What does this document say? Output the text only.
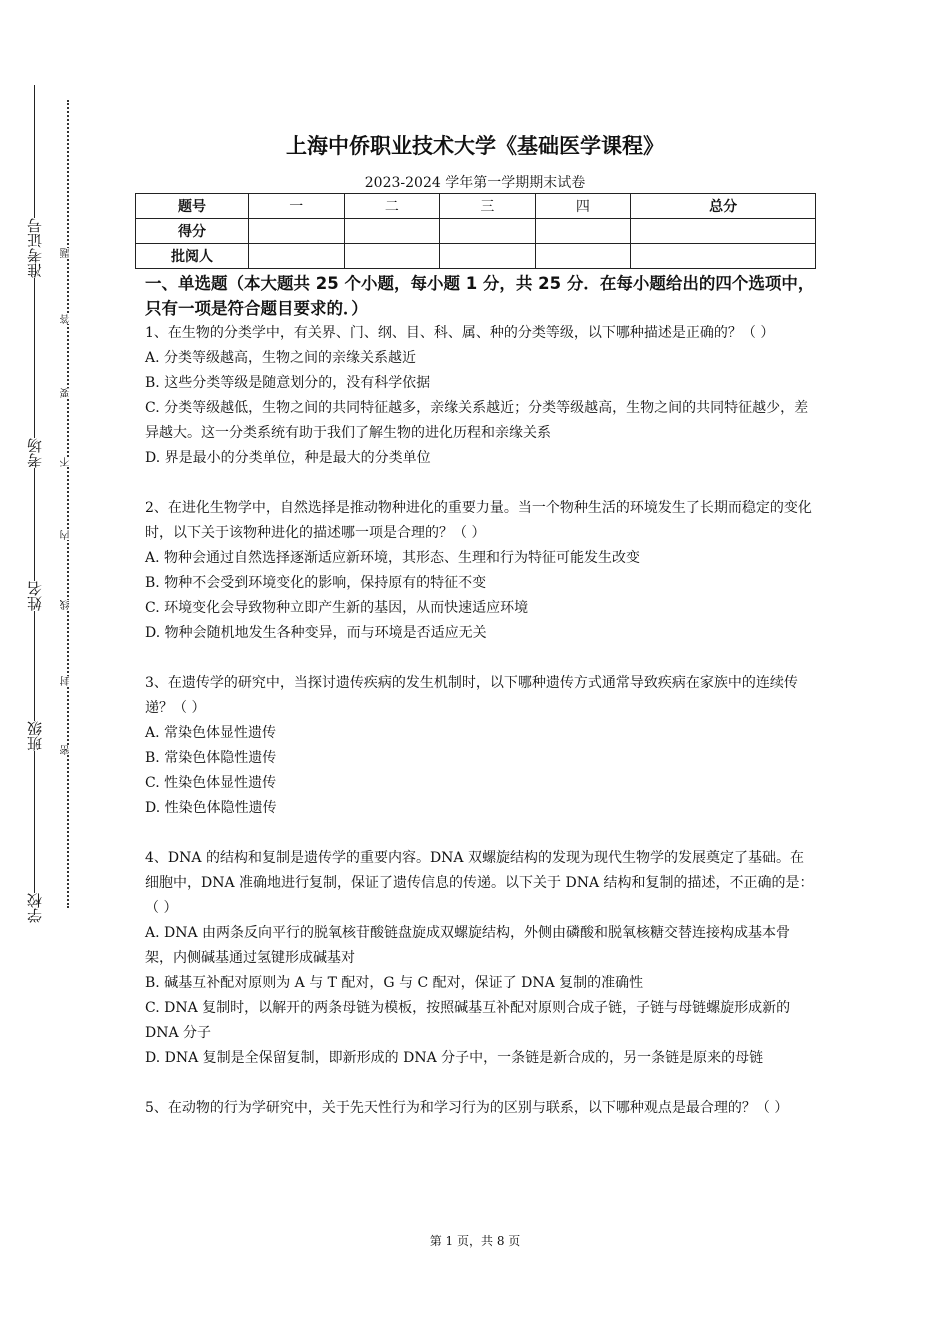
准考证号
考场
姓名
班级
学校
题
答
要
不
内
线
封
密
上海中侨职业技术大学《基础医学课程》
2023-2024 学年第一学期期末试卷
题号	一	二	三	四	总分
得分					
批阅人					
一、单选题（本大题共 25 个小题，每小题 1 分，共 25 分．在每小题给出的四个选项中，只有一项是符合题目要求的．）

1、在生物的分类学中，有关界、门、纲、目、科、属、种的分类等级，以下哪种描述是正确的？（ ）

A. 分类等级越高，生物之间的亲缘关系越近

B. 这些分类等级是随意划分的，没有科学依据

C. 分类等级越低，生物之间的共同特征越多，亲缘关系越近；分类等级越高，生物之间的共同特征越少，差异越大。这一分类系统有助于我们了解生物的进化历程和亲缘关系

D. 界是最小的分类单位，种是最大的分类单位

2、在进化生物学中，自然选择是推动物种进化的重要力量。当一个物种生活的环境发生了长期而稳定的变化时，以下关于该物种进化的描述哪一项是合理的？（ ）

A. 物种会通过自然选择逐渐适应新环境，其形态、生理和行为特征可能发生改变

B. 物种不会受到环境变化的影响，保持原有的特征不变

C. 环境变化会导致物种立即产生新的基因，从而快速适应环境

D. 物种会随机地发生各种变异，而与环境是否适应无关

3、在遗传学的研究中，当探讨遗传疾病的发生机制时，以下哪种遗传方式通常导致疾病在家族中的连续传递？（ ）

A. 常染色体显性遗传

B. 常染色体隐性遗传

C. 性染色体显性遗传

D. 性染色体隐性遗传

4、DNA 的结构和复制是遗传学的重要内容。DNA 双螺旋结构的发现为现代生物学的发展奠定了基础。在细胞中，DNA 准确地进行复制，保证了遗传信息的传递。以下关于 DNA 结构和复制的描述，不正确的是：（ ）

A. DNA 由两条反向平行的脱氧核苷酸链盘旋成双螺旋结构，外侧由磷酸和脱氧核糖交替连接构成基本骨架，内侧碱基通过氢键形成碱基对

B. 碱基互补配对原则为 A 与 T 配对，G 与 C 配对，保证了 DNA 复制的准确性

C. DNA 复制时，以解开的两条母链为模板，按照碱基互补配对原则合成子链，子链与母链螺旋形成新的 DNA 分子

D. DNA 复制是全保留复制，即新形成的 DNA 分子中，一条链是新合成的，另一条链是原来的母链

5、在动物的行为学研究中，关于先天性行为和学习行为的区别与联系，以下哪种观点是最合理的？（ ）

第 1 页，共 8 页
